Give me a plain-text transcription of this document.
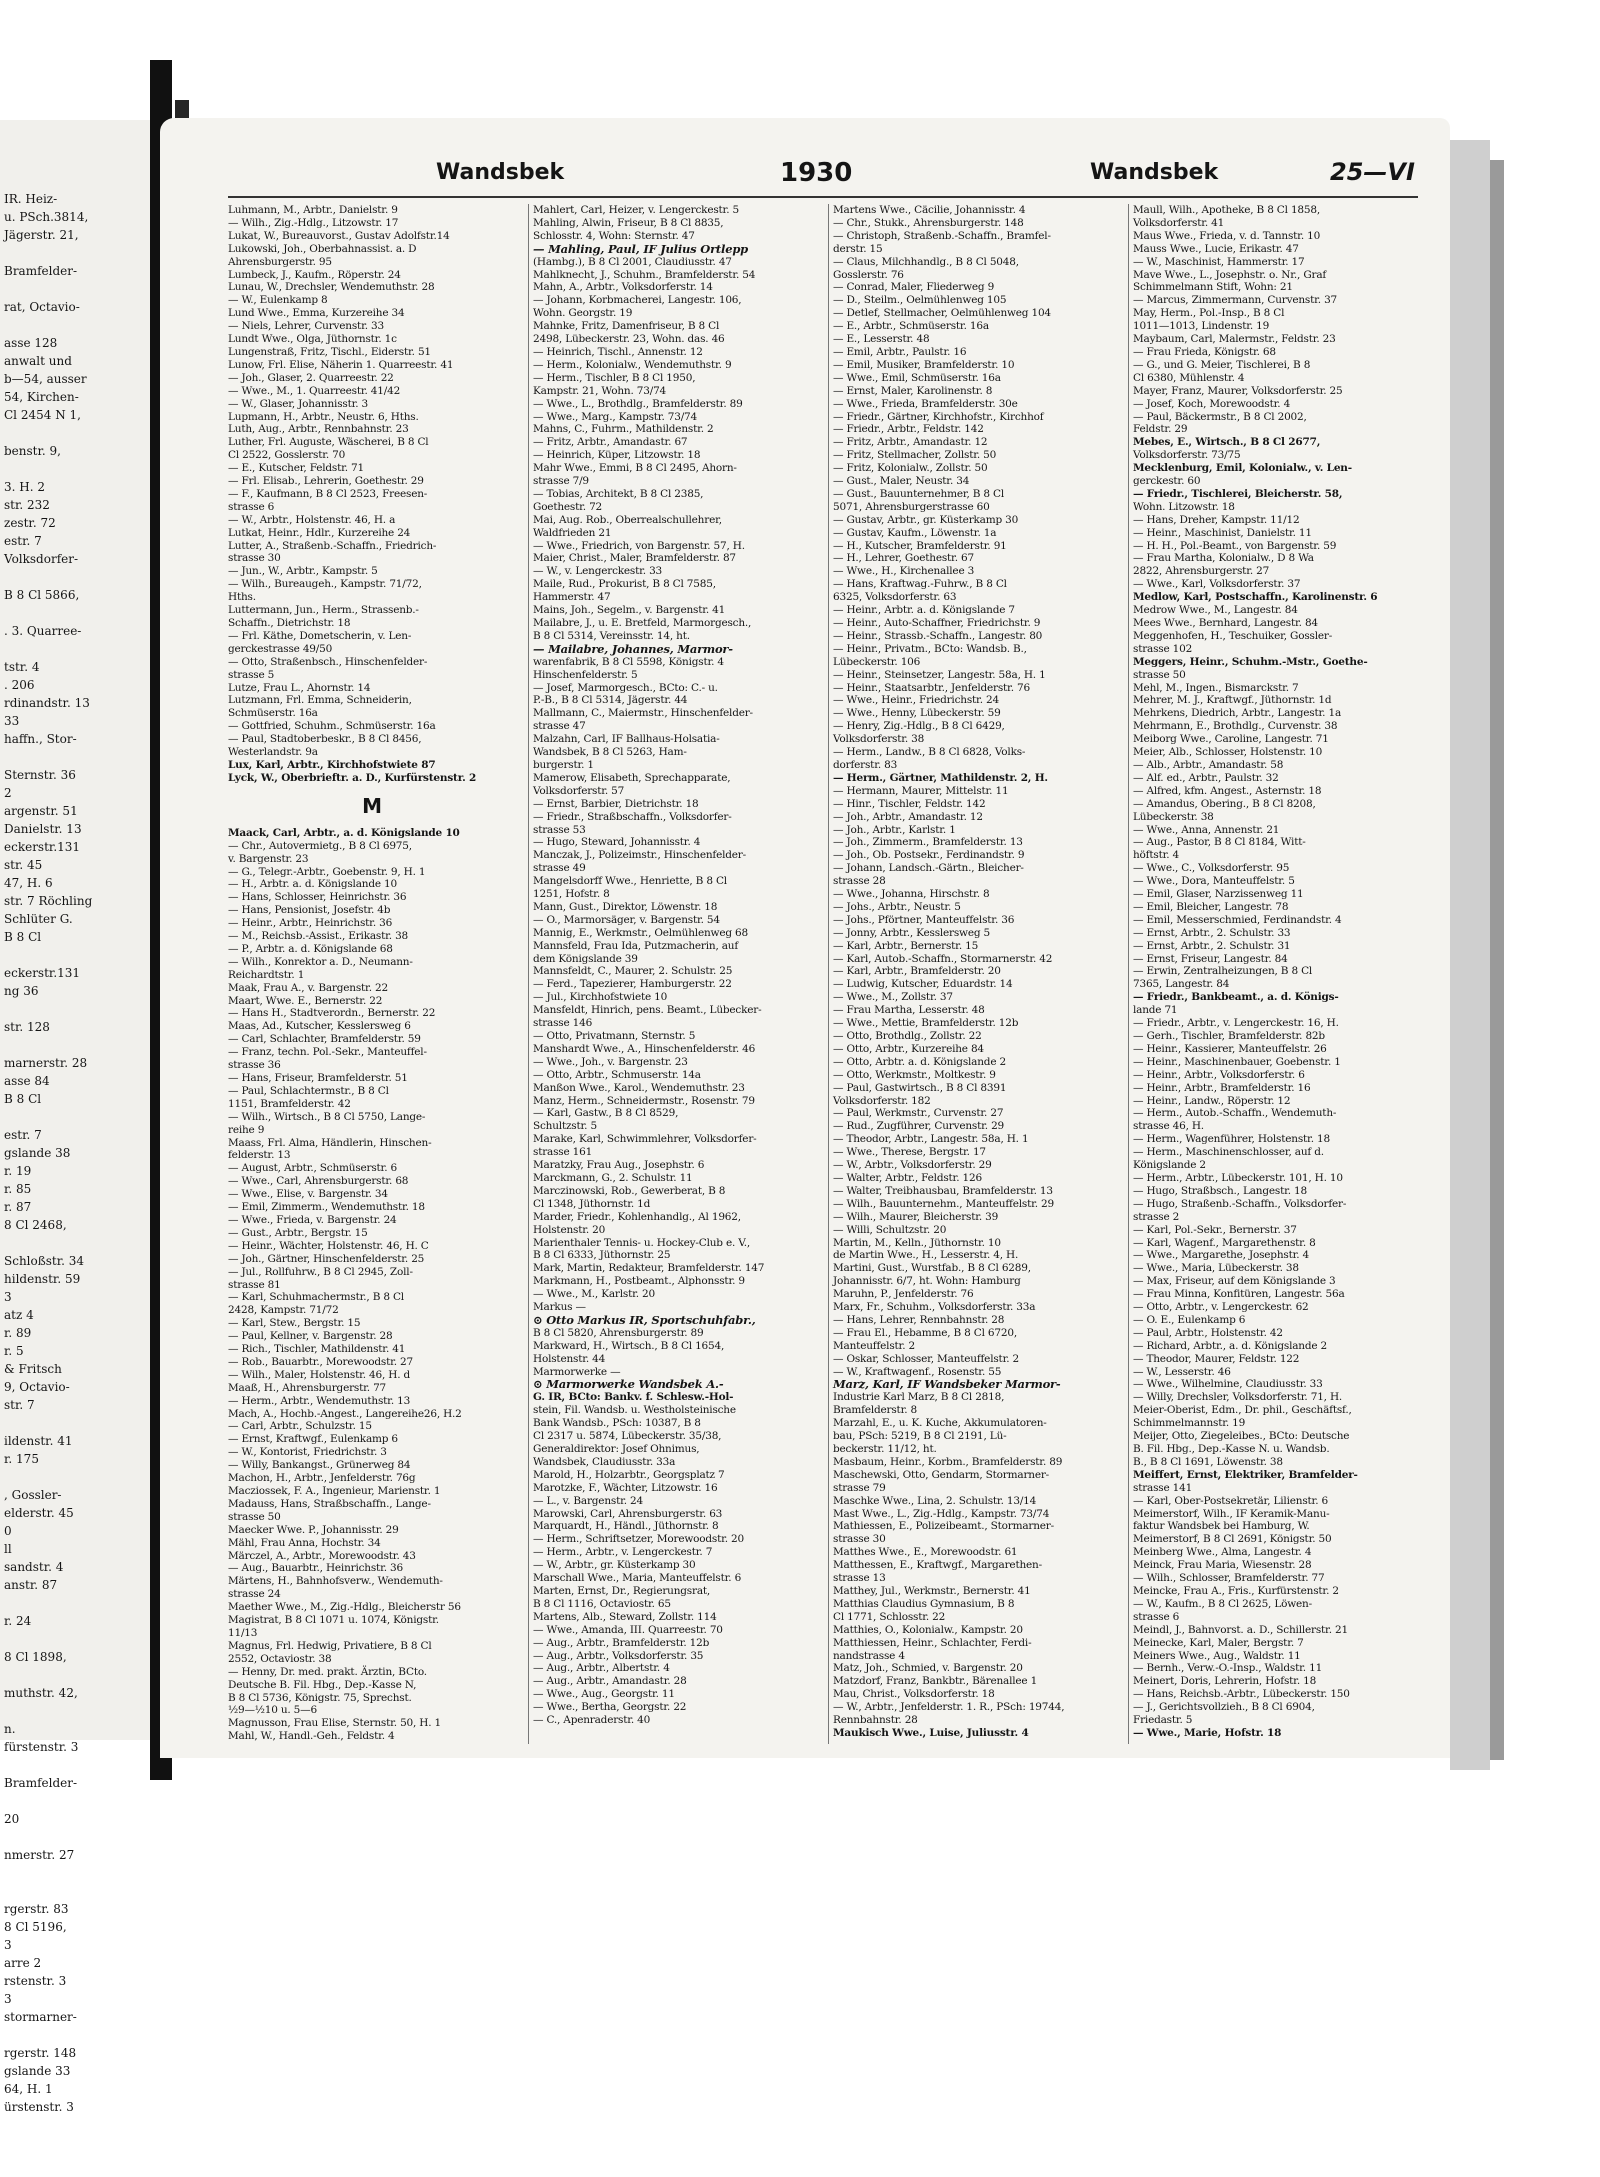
IR. Heiz-
u. PSch.3814,
Jägerstr. 21,

Bramfelder-

rat, Octavio-

asse 128
anwalt und
b—54, ausser
54, Kirchen-
Cl 2454 N 1,

benstr. 9,

3. H. 2
str. 232
zestr. 72
estr. 7
Volksdorfer-

B 8 Cl 5866,

. 3. Quarree-

tstr. 4
. 206
rdinandstr. 13
33
haffn., Stor-

Sternstr. 36
2
argenstr. 51
Danielstr. 13
eckerstr.131
str. 45
47, H. 6
str. 7 Röchling
Schlüter G.
B 8 Cl

eckerstr.131
ng 36

str. 128

marnerstr. 28
asse 84
B 8 Cl

estr. 7
gslande 38
r. 19
r. 85
r. 87
8 Cl 2468,

Schloßstr. 34
hildenstr. 59
3
atz 4
r. 89
r. 5
& Fritsch
9, Octavio-
str. 7

ildenstr. 41
r. 175

, Gossler-
elderstr. 45
0
ll
sandstr. 4
anstr. 87

r. 24

8 Cl 1898,

muthstr. 42,

n.
fürstenstr. 3

Bramfelder-

20

nmerstr. 27

rgerstr. 83
8 Cl 5196,
3
arre 2
rstenstr. 3
3
stormarner-

rgerstr. 148
gslande 33
64, H. 1
ürstenstr. 3
Wandsbek	1930	Wandsbek	25—VI
Luhmann, M., Arbtr., Danielstr. 9
— Wilh., Zig.-Hdlg., Litzowstr. 17
Lukat, W., Bureauvorst., Gustav Adolfstr.14
Lukowski, Joh., Oberbahnassist. a. D
Ahrensburgerstr. 95
Lumbeck, J., Kaufm., Röperstr. 24
Lunau, W., Drechsler, Wendemuthstr. 28
— W., Eulenkamp 8
Lund Wwe., Emma, Kurzereihe 34
— Niels, Lehrer, Curvenstr. 33
Lundt Wwe., Olga, Jüthornstr. 1c
Lungenstraß, Fritz, Tischl., Eiderstr. 51
Lunow, Frl. Elise, Näherin 1. Quarreestr. 41
— Joh., Glaser, 2. Quarreestr. 22
— Wwe., M., 1. Quarreestr. 41/42
— W., Glaser, Johannisstr. 3
Lupmann, H., Arbtr., Neustr. 6, Hths.
Luth, Aug., Arbtr., Rennbahnstr. 23
Luther, Frl. Auguste, Wäscherei, B 8 Cl
Cl 2522, Gosslerstr. 70
— E., Kutscher, Feldstr. 71
— Frl. Elisab., Lehrerin, Goethestr. 29
— F., Kaufmann, B 8 Cl 2523, Freesen-
strasse 6
— W., Arbtr., Holstenstr. 46, H. a
Lutkat, Heinr., Hdlr., Kurzereihe 24
Lutter, A., Straßenb.-Schaffn., Friedrich-
strasse 30
— Jun., W., Arbtr., Kampstr. 5
— Wilh., Bureaugeh., Kampstr. 71/72,
Hths.
Luttermann, Jun., Herm., Strassenb.-
Schaffn., Dietrichstr. 18
— Frl. Käthe, Dometscherin, v. Len-
gerckestrasse 49/50
— Otto, Straßenbsch., Hinschenfelder-
strasse 5
Lutze, Frau L., Ahornstr. 14
Lutzmann, Frl. Emma, Schneiderin,
Schmüserstr. 16a
— Gottfried, Schuhm., Schmüserstr. 16a
— Paul, Stadtoberbeskr., B 8 Cl 8456,
Westerlandstr. 9a
Lux, Karl, Arbtr., Kirchhofstwiete 87
Lyck, W., Oberbrieftr. a. D., Kurfürstenstr. 2
M
Maack, Carl, Arbtr., a. d. Königslande 10
— Chr., Autovermietg., B 8 Cl 6975,
v. Bargenstr. 23
— G., Telegr.-Arbtr., Goebenstr. 9, H. 1
— H., Arbtr. a. d. Königslande 10
— Hans, Schlosser, Heinrichstr. 36
— Hans, Pensionist, Josefstr. 4b
— Heinr., Arbtr., Heinrichstr. 36
— M., Reichsb.-Assist., Erikastr. 38
— P., Arbtr. a. d. Königslande 68
— Wilh., Konrektor a. D., Neumann-
Reichardtstr. 1
Maak, Frau A., v. Bargenstr. 22
Maart, Wwe. E., Bernerstr. 22
— Hans H., Stadtverordn., Bernerstr. 22
Maas, Ad., Kutscher, Kesslersweg 6
— Carl, Schlachter, Bramfelderstr. 59
— Franz, techn. Pol.-Sekr., Manteuffel-
strasse 36
— Hans, Friseur, Bramfelderstr. 51
— Paul, Schlachtermstr., B 8 Cl
1151, Bramfelderstr. 42
— Wilh., Wirtsch., B 8 Cl 5750, Lange-
reihe 9
Maass, Frl. Alma, Händlerin, Hinschen-
felderstr. 13
— August, Arbtr., Schmüserstr. 6
— Wwe., Carl, Ahrensburgerstr. 68
— Wwe., Elise, v. Bargenstr. 34
— Emil, Zimmerm., Wendemuthstr. 18
— Wwe., Frieda, v. Bargenstr. 24
— Gust., Arbtr., Bergstr. 15
— Heinr., Wächter, Holstenstr. 46, H. C
— Joh., Gärtner, Hinschenfelderstr. 25
— Jul., Rollfuhrw., B 8 Cl 2945, Zoll-
strasse 81
— Karl, Schuhmachermstr., B 8 Cl
2428, Kampstr. 71/72
— Karl, Stew., Bergstr. 15
— Paul, Kellner, v. Bargenstr. 28
— Rich., Tischler, Mathildenstr. 41
— Rob., Bauarbtr., Morewoodstr. 27
— Wilh., Maler, Holstenstr. 46, H. d
Maaß, H., Ahrensburgerstr. 77
— Herm., Arbtr., Wendemuthstr. 13
Mach, A., Hochb.-Angest., Langereihe26, H.2
— Carl, Arbtr., Schulzstr. 15
— Ernst, Kraftwgf., Eulenkamp 6
— W., Kontorist, Friedrichstr. 3
— Willy, Bankangst., Grünerweg 84
Machon, H., Arbtr., Jenfelderstr. 76g
Macziossek, F. A., Ingenieur, Marienstr. 1
Madauss, Hans, Straßbschaffn., Lange-
strasse 50
Maecker Wwe. P., Johannisstr. 29
Mähl, Frau Anna, Hochstr. 34
Märczel, A., Arbtr., Morewoodstr. 43
— Aug., Bauarbtr., Heinrichstr. 36
Märtens, H., Bahnhofsverw., Wendemuth-
strasse 24
Maether Wwe., M., Zig.-Hdlg., Bleicherstr 56
Magistrat, B 8 Cl 1071 u. 1074, Königstr.
11/13
Magnus, Frl. Hedwig, Privatiere, B 8 Cl
2552, Octaviostr. 38
— Henny, Dr. med. prakt. Ärztin, BCto.
Deutsche B. Fil. Hbg., Dep.-Kasse N,
B 8 Cl 5736, Königstr. 75, Sprechst.
½9—½10 u. 5—6
Magnusson, Frau Elise, Sternstr. 50, H. 1
Mahl, W., Handl.-Geh., Feldstr. 4
Mahlert, Carl, Heizer, v. Lengerckestr. 5
Mahling, Alwin, Friseur, B 8 Cl 8835,
Schlosstr. 4, Wohn: Sternstr. 47
— Mahling, Paul, IF Julius Ortlepp
(Hambg.), B 8 Cl 2001, Claudiusstr. 47
Mahlknecht, J., Schuhm., Bramfelderstr. 54
Mahn, A., Arbtr., Volksdorferstr. 14
— Johann, Korbmacherei, Langestr. 106,
Wohn. Georgstr. 19
Mahnke, Fritz, Damenfriseur, B 8 Cl
2498, Lübeckerstr. 23, Wohn. das. 46
— Heinrich, Tischl., Annenstr. 12
— Herm., Kolonialw., Wendemuthstr. 9
— Herm., Tischler, B 8 Cl 1950,
Kampstr. 21, Wohn. 73/74
— Wwe., L., Brothdlg., Bramfelderstr. 89
— Wwe., Marg., Kampstr. 73/74
Mahns, C., Fuhrm., Mathildenstr. 2
— Fritz, Arbtr., Amandastr. 67
— Heinrich, Küper, Litzowstr. 18
Mahr Wwe., Emmi, B 8 Cl 2495, Ahorn-
strasse 7/9
— Tobias, Architekt, B 8 Cl 2385,
Goethestr. 72
Mai, Aug. Rob., Oberrealschullehrer,
Waldfrieden 21
— Wwe., Friedrich, von Bargenstr. 57, H.
Maier, Christ., Maler, Bramfelderstr. 87
— W., v. Lengerckestr. 33
Maile, Rud., Prokurist, B 8 Cl 7585,
Hammerstr. 47
Mains, Joh., Segelm., v. Bargenstr. 41
Mailabre, J., u. E. Bretfeld, Marmorgesch.,
B 8 Cl 5314, Vereinsstr. 14, ht.
— Mailabre, Johannes, Marmor-
warenfabrik, B 8 Cl 5598, Königstr. 4
Hinschenfelderstr. 5
— Josef, Marmorgesch., BCto: C.- u.
P.-B., B 8 Cl 5314, Jägerstr. 44
Mallmann, C., Maiermstr., Hinschenfelder-
strasse 47
Malzahn, Carl, IF Ballhaus-Holsatia-
Wandsbek, B 8 Cl 5263, Ham-
burgerstr. 1
Mamerow, Elisabeth, Sprechapparate,
Volksdorferstr. 57
— Ernst, Barbier, Dietrichstr. 18
— Friedr., Straßbschaffn., Volksdorfer-
strasse 53
— Hugo, Steward, Johannisstr. 4
Manczak, J., Polizeimstr., Hinschenfelder-
strasse 49
Mangelsdorff Wwe., Henriette, B 8 Cl
1251, Hofstr. 8
Mann, Gust., Direktor, Löwenstr. 18
— O., Marmorsäger, v. Bargenstr. 54
Mannig, E., Werkmstr., Oelmühlenweg 68
Mannsfeld, Frau Ida, Putzmacherin, auf
dem Königslande 39
Mannsfeldt, C., Maurer, 2. Schulstr. 25
— Ferd., Tapezierer, Hamburgerstr. 22
— Jul., Kirchhofstwiete 10
Mansfeldt, Hinrich, pens. Beamt., Lübecker-
strasse 146
— Otto, Privatmann, Sternstr. 5
Manshardt Wwe., A., Hinschenfelderstr. 46
— Wwe., Joh., v. Bargenstr. 23
— Otto, Arbtr., Schmuserstr. 14a
Manßon Wwe., Karol., Wendemuthstr. 23
Manz, Herm., Schneidermstr., Rosenstr. 79
— Karl, Gastw., B 8 Cl 8529,
Schultzstr. 5
Marake, Karl, Schwimmlehrer, Volksdorfer-
strasse 161
Maratzky, Frau Aug., Josephstr. 6
Marckmann, G., 2. Schulstr. 11
Marczinowski, Rob., Gewerberat, B 8
Cl 1348, Jüthornstr. 1d
Marder, Friedr., Kohlenhandlg., Al 1962,
Holstenstr. 20
Marienthaler Tennis- u. Hockey-Club e. V.,
B 8 Cl 6333, Jüthornstr. 25
Mark, Martin, Redakteur, Bramfelderstr. 147
Markmann, H., Postbeamt., Alphonsstr. 9
— Wwe., M., Karlstr. 20
Markus —
⊙ Otto Markus IR, Sportschuhfabr.,
B 8 Cl 5820, Ahrensburgerstr. 89
Markward, H., Wirtsch., B 8 Cl 1654,
Holstenstr. 44
Marmorwerke —
⊙ Marmorwerke Wandsbek A.-
G. IR, BCto: Bankv. f. Schlesw.-Hol-
stein, Fil. Wandsb. u. Westholsteinische
Bank Wandsb., PSch: 10387, B 8
Cl 2317 u. 5874, Lübeckerstr. 35/38,
Generaldirektor: Josef Ohnimus,
Wandsbek, Claudiusstr. 33a
Marold, H., Holzarbtr., Georgsplatz 7
Marotzke, F., Wächter, Litzowstr. 16
— L., v. Bargenstr. 24
Marowski, Carl, Ahrensburgerstr. 63
Marquardt, H., Händl., Jüthornstr. 8
— Herm., Schriftsetzer, Morewoodstr. 20
— Herm., Arbtr., v. Lengerckestr. 7
— W., Arbtr., gr. Küsterkamp 30
Marschall Wwe., Maria, Manteuffelstr. 6
Marten, Ernst, Dr., Regierungsrat,
B 8 Cl 1116, Octaviostr. 65
Martens, Alb., Steward, Zollstr. 114
— Wwe., Amanda, III. Quarreestr. 70
— Aug., Arbtr., Bramfelderstr. 12b
— Aug., Arbtr., Volksdorferstr. 35
— Aug., Arbtr., Albertstr. 4
— Aug., Arbtr., Amandastr. 28
— Wwe., Aug., Georgstr. 11
— Wwe., Bertha, Georgstr. 22
— C., Apenraderstr. 40
Martens Wwe., Cäcilie, Johannisstr. 4
— Chr., Stukk., Ahrensburgerstr. 148
— Christoph, Straßenb.-Schaffn., Bramfel-
derstr. 15
— Claus, Milchhandlg., B 8 Cl 5048,
Gosslerstr. 76
— Conrad, Maler, Fliederweg 9
— D., Steilm., Oelmühlenweg 105
— Detlef, Stellmacher, Oelmühlenweg 104
— E., Arbtr., Schmüserstr. 16a
— E., Lesserstr. 48
— Emil, Arbtr., Paulstr. 16
— Emil, Musiker, Bramfelderstr. 10
— Wwe., Emil, Schmüserstr. 16a
— Ernst, Maler, Karolinenstr. 8
— Wwe., Frieda, Bramfelderstr. 30e
— Friedr., Gärtner, Kirchhofstr., Kirchhof
— Friedr., Arbtr., Feldstr. 142
— Fritz, Arbtr., Amandastr. 12
— Fritz, Stellmacher, Zollstr. 50
— Fritz, Kolonialw., Zollstr. 50
— Gust., Maler, Neustr. 34
— Gust., Bauunternehmer, B 8 Cl
5071, Ahrensburgerstrasse 60
— Gustav, Arbtr., gr. Küsterkamp 30
— Gustav, Kaufm., Löwenstr. 1a
— H., Kutscher, Bramfelderstr. 91
— H., Lehrer, Goethestr. 67
— Wwe., H., Kirchenallee 3
— Hans, Kraftwag.-Fuhrw., B 8 Cl
6325, Volksdorferstr. 63
— Heinr., Arbtr. a. d. Königslande 7
— Heinr., Auto-Schaffner, Friedrichstr. 9
— Heinr., Strassb.-Schaffn., Langestr. 80
— Heinr., Privatm., BCto: Wandsb. B.,
Lübeckerstr. 106
— Heinr., Steinsetzer, Langestr. 58a, H. 1
— Heinr., Staatsarbtr., Jenfelderstr. 76
— Wwe., Heinr., Friedrichstr. 24
— Wwe., Henny, Lübeckerstr. 59
— Henry, Zig.-Hdlg., B 8 Cl 6429,
Volksdorferstr. 38
— Herm., Landw., B 8 Cl 6828, Volks-
dorferstr. 83
— Herm., Gärtner, Mathildenstr. 2, H.
— Hermann, Maurer, Mittelstr. 11
— Hinr., Tischler, Feldstr. 142
— Joh., Arbtr., Amandastr. 12
— Joh., Arbtr., Karlstr. 1
— Joh., Zimmerm., Bramfelderstr. 13
— Joh., Ob. Postsekr., Ferdinandstr. 9
— Johann, Landsch.-Gärtn., Bleicher-
strasse 28
— Wwe., Johanna, Hirschstr. 8
— Johs., Arbtr., Neustr. 5
— Johs., Pförtner, Manteuffelstr. 36
— Jonny, Arbtr., Kesslersweg 5
— Karl, Arbtr., Bernerstr. 15
— Karl, Autob.-Schaffn., Stormarnerstr. 42
— Karl, Arbtr., Bramfelderstr. 20
— Ludwig, Kutscher, Eduardstr. 14
— Wwe., M., Zollstr. 37
— Frau Martha, Lesserstr. 48
— Wwe., Mettie, Bramfelderstr. 12b
— Otto, Brothdlg., Zollstr. 22
— Otto, Arbtr., Kurzereihe 84
— Otto, Arbtr. a. d. Königslande 2
— Otto, Werkmstr., Moltkestr. 9
— Paul, Gastwirtsch., B 8 Cl 8391
Volksdorferstr. 182
— Paul, Werkmstr., Curvenstr. 27
— Rud., Zugführer, Curvenstr. 29
— Theodor, Arbtr., Langestr. 58a, H. 1
— Wwe., Therese, Bergstr. 17
— W., Arbtr., Volksdorferstr. 29
— Walter, Arbtr., Feldstr. 126
— Walter, Treibhausbau, Bramfelderstr. 13
— Wilh., Bauunternehm., Manteuffelstr. 29
— Wilh., Maurer, Bleicherstr. 39
— Willi, Schultzstr. 20
Martin, M., Kelln., Jüthornstr. 10
de Martin Wwe., H., Lesserstr. 4, H.
Martini, Gust., Wurstfab., B 8 Cl 6289,
Johannisstr. 6/7, ht. Wohn: Hamburg
Maruhn, P., Jenfelderstr. 76
Marx, Fr., Schuhm., Volksdorferstr. 33a
— Hans, Lehrer, Rennbahnstr. 28
— Frau El., Hebamme, B 8 Cl 6720,
Manteuffelstr. 2
— Oskar, Schlosser, Manteuffelstr. 2
— W., Kraftwagenf., Rosenstr. 55
Marz, Karl, IF Wandsbeker Marmor-
Industrie Karl Marz, B 8 Cl 2818,
Bramfelderstr. 8
Marzahl, E., u. K. Kuche, Akkumulatoren-
bau, PSch: 5219, B 8 Cl 2191, Lü-
beckerstr. 11/12, ht.
Masbaum, Heinr., Korbm., Bramfelderstr. 89
Maschewski, Otto, Gendarm, Stormarner-
strasse 79
Maschke Wwe., Lina, 2. Schulstr. 13/14
Mast Wwe., L., Zig.-Hdlg., Kampstr. 73/74
Mathiessen, E., Polizeibeamt., Stormarner-
strasse 30
Matthes Wwe., E., Morewoodstr. 61
Matthessen, E., Kraftwgf., Margarethen-
strasse 13
Matthey, Jul., Werkmstr., Bernerstr. 41
Matthias Claudius Gymnasium, B 8
Cl 1771, Schlosstr. 22
Matthies, O., Kolonialw., Kampstr. 20
Matthiessen, Heinr., Schlachter, Ferdi-
nandstrasse 4
Matz, Joh., Schmied, v. Bargenstr. 20
Matzdorf, Franz, Bankbtr., Bärenallee 1
Mau, Christ., Volksdorferstr. 18
— W., Arbtr., Jenfelderstr. 1. R., PSch: 19744,
Rennbahnstr. 28
Maukisch Wwe., Luise, Juliusstr. 4
Maull, Wilh., Apotheke, B 8 Cl 1858,
Volksdorferstr. 41
Maus Wwe., Frieda, v. d. Tannstr. 10
Mauss Wwe., Lucie, Erikastr. 47
— W., Maschinist, Hammerstr. 17
Mave Wwe., L., Josephstr. o. Nr., Graf
Schimmelmann Stift, Wohn: 21
— Marcus, Zimmermann, Curvenstr. 37
May, Herm., Pol.-Insp., B 8 Cl
1011—1013, Lindenstr. 19
Maybaum, Carl, Malermstr., Feldstr. 23
— Frau Frieda, Königstr. 68
— G., und G. Meier, Tischlerei, B 8
Cl 6380, Mühlenstr. 4
Mayer, Franz, Maurer, Volksdorferstr. 25
— Josef, Koch, Morewoodstr. 4
— Paul, Bäckermstr., B 8 Cl 2002,
Feldstr. 29
Mebes, E., Wirtsch., B 8 Cl 2677,
Volksdorferstr. 73/75
Mecklenburg, Emil, Kolonialw., v. Len-
gerckestr. 60
— Friedr., Tischlerei, Bleicherstr. 58,
Wohn. Litzowstr. 18
— Hans, Dreher, Kampstr. 11/12
— Heinr., Maschinist, Danielstr. 11
— H. H., Pol.-Beamt., von Bargenstr. 59
— Frau Martha, Kolonialw., D 8 Wa
2822, Ahrensburgerstr. 27
— Wwe., Karl, Volksdorferstr. 37
Medlow, Karl, Postschaffn., Karolinenstr. 6
Medrow Wwe., M., Langestr. 84
Mees Wwe., Bernhard, Langestr. 84
Meggenhofen, H., Teschuiker, Gossler-
strasse 102
Meggers, Heinr., Schuhm.-Mstr., Goethe-
strasse 50
Mehl, M., Ingen., Bismarckstr. 7
Mehrer, M. J., Kraftwgf., Jüthornstr. 1d
Mehrkens, Diedrich, Arbtr., Langestr. 1a
Mehrmann, E., Brothdlg., Curvenstr. 38
Meiborg Wwe., Caroline, Langestr. 71
Meier, Alb., Schlosser, Holstenstr. 10
— Alb., Arbtr., Amandastr. 58
— Alf. ed., Arbtr., Paulstr. 32
— Alfred, kfm. Angest., Asternstr. 18
— Amandus, Obering., B 8 Cl 8208,
Lübeckerstr. 38
— Wwe., Anna, Annenstr. 21
— Aug., Pastor, B 8 Cl 8184, Witt-
höftstr. 4
— Wwe., C., Volksdorferstr. 95
— Wwe., Dora, Manteuffelstr. 5
— Emil, Glaser, Narzissenweg 11
— Emil, Bleicher, Langestr. 78
— Emil, Messerschmied, Ferdinandstr. 4
— Ernst, Arbtr., 2. Schulstr. 33
— Ernst, Arbtr., 2. Schulstr. 31
— Ernst, Friseur, Langestr. 84
— Erwin, Zentralheizungen, B 8 Cl
7365, Langestr. 84
— Friedr., Bankbeamt., a. d. Königs-
lande 71
— Friedr., Arbtr., v. Lengerckestr. 16, H.
— Gerh., Tischler, Bramfelderstr. 82b
— Heinr., Kassierer, Manteuffelstr. 26
— Heinr., Maschinenbauer, Goebenstr. 1
— Heinr., Arbtr., Volksdorferstr. 6
— Heinr., Arbtr., Bramfelderstr. 16
— Heinr., Landw., Röperstr. 12
— Herm., Autob.-Schaffn., Wendemuth-
strasse 46, H.
— Herm., Wagenführer, Holstenstr. 18
— Herm., Maschinenschlosser, auf d.
Königslande 2
— Herm., Arbtr., Lübeckerstr. 101, H. 10
— Hugo, Straßbsch., Langestr. 18
— Hugo, Straßenb.-Schaffn., Volksdorfer-
strasse 2
— Karl, Pol.-Sekr., Bernerstr. 37
— Karl, Wagenf., Margarethenstr. 8
— Wwe., Margarethe, Josephstr. 4
— Wwe., Maria, Lübeckerstr. 38
— Max, Friseur, auf dem Königslande 3
— Frau Minna, Konfitüren, Langestr. 56a
— Otto, Arbtr., v. Lengerckestr. 62
— O. E., Eulenkamp 6
— Paul, Arbtr., Holstenstr. 42
— Richard, Arbtr., a. d. Königslande 2
— Theodor, Maurer, Feldstr. 122
— W., Lesserstr. 46
— Wwe., Wilhelmine, Claudiusstr. 33
— Willy, Drechsler, Volksdorferstr. 71, H.
Meier-Oberist, Edm., Dr. phil., Geschäftsf.,
Schimmelmannstr. 19
Meijer, Otto, Ziegeleibes., BCto: Deutsche
B. Fil. Hbg., Dep.-Kasse N. u. Wandsb.
B., B 8 Cl 1691, Löwenstr. 38
Meiffert, Ernst, Elektriker, Bramfelder-
strasse 141
— Karl, Ober-Postsekretär, Lilienstr. 6
Meimerstorf, Wilh., IF Keramik-Manu-
faktur Wandsbek bei Hamburg, W.
Meimerstorf, B 8 Cl 2691, Königstr. 50
Meinberg Wwe., Alma, Langestr. 4
Meinck, Frau Maria, Wiesenstr. 28
— Wilh., Schlosser, Bramfelderstr. 77
Meincke, Frau A., Fris., Kurfürstenstr. 2
— W., Kaufm., B 8 Cl 2625, Löwen-
strasse 6
Meindl, J., Bahnvorst. a. D., Schillerstr. 21
Meinecke, Karl, Maler, Bergstr. 7
Meiners Wwe., Aug., Waldstr. 11
— Bernh., Verw.-O.-Insp., Waldstr. 11
Meinert, Doris, Lehrerin, Hofstr. 18
— Hans, Reichsb.-Arbtr., Lübeckerstr. 150
— J., Gerichtsvollzieh., B 8 Cl 6904,
Friedastr. 5
— Wwe., Marie, Hofstr. 18
